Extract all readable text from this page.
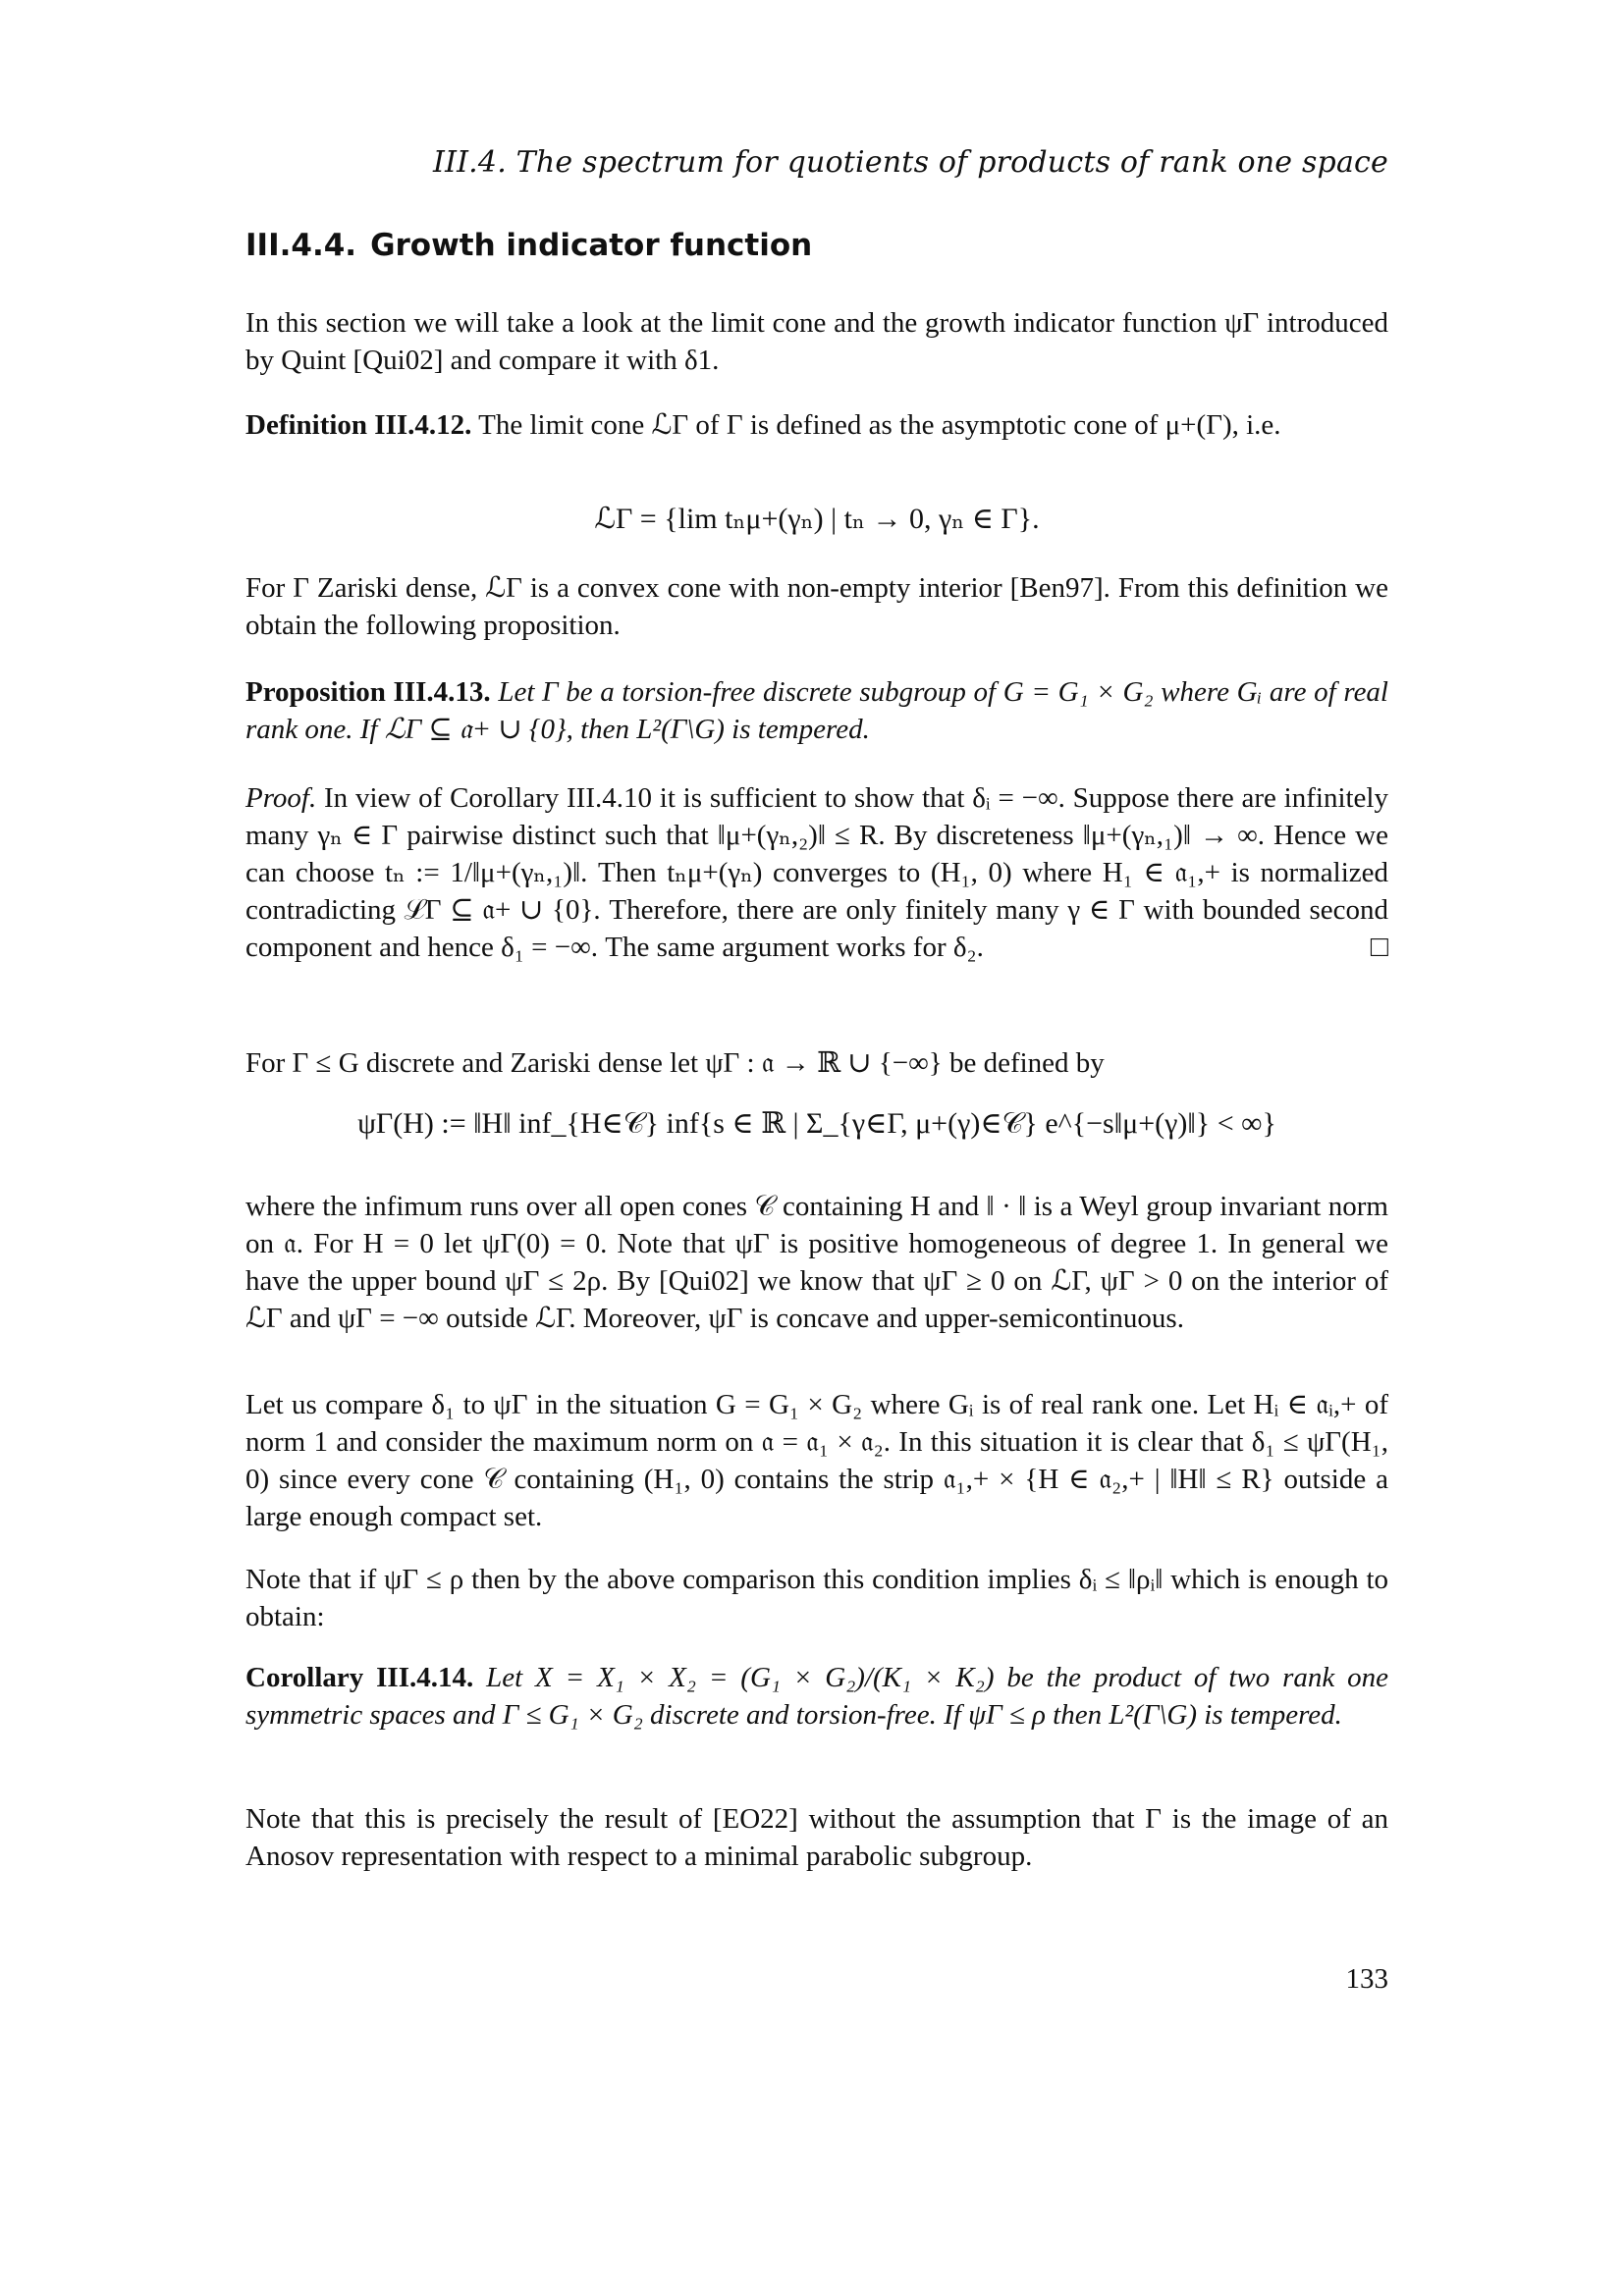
III.4. The spectrum for quotients of products of rank one space
III.4.4. Growth indicator function

In this section we will take a look at the limit cone and the growth indicator function ψΓ introduced by Quint [Qui02] and compare it with δ1.

Definition III.4.12. The limit cone ℒΓ of Γ is defined as the asymptotic cone of μ+(Γ), i.e.

ℒΓ = {lim tₙμ+(γₙ) | tₙ → 0, γₙ ∈ Γ}.

For Γ Zariski dense, ℒΓ is a convex cone with non-empty interior [Ben97]. From this definition we obtain the following proposition.

Proposition III.4.13. Let Γ be a torsion-free discrete subgroup of G = G₁ × G₂ where Gᵢ are of real rank one. If ℒΓ ⊆ 𝔞+ ∪ {0}, then L²(Γ\G) is tempered.

Proof. In view of Corollary III.4.10 it is sufficient to show that δᵢ = −∞. Suppose there are infinitely many γₙ ∈ Γ pairwise distinct such that ‖μ+(γₙ,₂)‖ ≤ R. By discreteness ‖μ+(γₙ,₁)‖ → ∞. Hence we can choose tₙ := 1/‖μ+(γₙ,₁)‖. Then tₙμ+(γₙ) converges to (H₁, 0) where H₁ ∈ 𝔞₁,+ is normalized contradicting ℒΓ ⊆ 𝔞+ ∪ {0}. Therefore, there are only finitely many γ ∈ Γ with bounded second component and hence δ₁ = −∞. The same argument works for δ₂.	□

For Γ ≤ G discrete and Zariski dense let ψΓ : 𝔞 → ℝ ∪ {−∞} be defined by

ψΓ(H) := ‖H‖ inf_{H∈𝒞} inf{s ∈ ℝ | Σ_{γ∈Γ, μ+(γ)∈𝒞} e^{−s‖μ+(γ)‖} < ∞}

where the infimum runs over all open cones 𝒞 containing H and ‖ · ‖ is a Weyl group invariant norm on 𝔞. For H = 0 let ψΓ(0) = 0. Note that ψΓ is positive homogeneous of degree 1. In general we have the upper bound ψΓ ≤ 2ρ. By [Qui02] we know that ψΓ ≥ 0 on ℒΓ, ψΓ > 0 on the interior of ℒΓ and ψΓ = −∞ outside ℒΓ. Moreover, ψΓ is concave and upper-semicontinuous.

Let us compare δ₁ to ψΓ in the situation G = G₁ × G₂ where Gᵢ is of real rank one. Let Hᵢ ∈ 𝔞ᵢ,+ of norm 1 and consider the maximum norm on 𝔞 = 𝔞₁ × 𝔞₂. In this situation it is clear that δ₁ ≤ ψΓ(H₁, 0) since every cone 𝒞 containing (H₁, 0) contains the strip 𝔞₁,+ × {H ∈ 𝔞₂,+ | ‖H‖ ≤ R} outside a large enough compact set.

Note that if ψΓ ≤ ρ then by the above comparison this condition implies δᵢ ≤ ‖ρᵢ‖ which is enough to obtain:

Corollary III.4.14. Let X = X₁ × X₂ = (G₁ × G₂)/(K₁ × K₂) be the product of two rank one symmetric spaces and Γ ≤ G₁ × G₂ discrete and torsion-free. If ψΓ ≤ ρ then L²(Γ\G) is tempered.

Note that this is precisely the result of [EO22] without the assumption that Γ is the image of an Anosov representation with respect to a minimal parabolic subgroup.

133
